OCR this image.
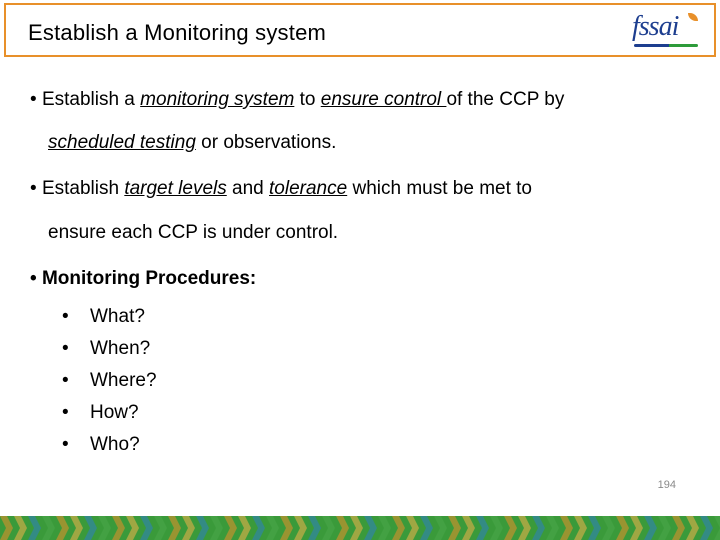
Establish a Monitoring system	fssai
• Establish a monitoring system to ensure control of the CCP by
scheduled testing or observations.
• Establish target levels and tolerance which must be met to
ensure each CCP is under control.
• Monitoring Procedures:
• What?
• When?
• Where?
• How?
• Who?
194
